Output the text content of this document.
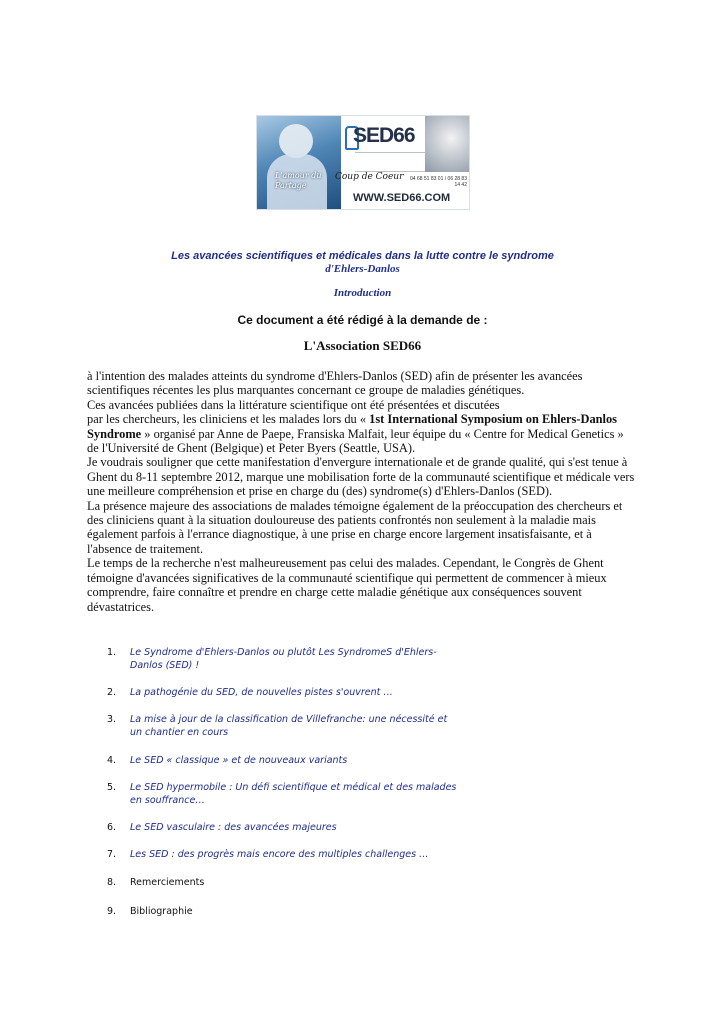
L'amour du Partage
SED66
Coup de Coeur	04 68 51 83 01 / 06 28 83 14 42
WWW.SED66.COM
Les avancées scientifiques et médicales dans la lutte contre le syndrome
d'Ehlers-Danlos
Introduction
Ce document a été rédigé à la demande de :
L'Association SED66

à l'intention des malades atteints du syndrome d'Ehlers-Danlos (SED) afin de présenter les avancées scientifiques récentes les plus marquantes concernant ce groupe de maladies génétiques.

Ces avancées publiées dans la littérature scientifique ont été présentées et discutées

par les chercheurs, les cliniciens et les malades lors du « 1st International Symposium on Ehlers-Danlos Syndrome » organisé par Anne de Paepe, Fransiska Malfait, leur équipe du « Centre for Medical Genetics » de l'Université de Ghent (Belgique) et Peter Byers (Seattle, USA).

Je voudrais souligner que cette manifestation d'envergure internationale et de grande qualité, qui s'est tenue à Ghent du 8-11 septembre 2012, marque une mobilisation forte de la communauté scientifique et médicale vers une meilleure compréhension et prise en charge du (des) syndrome(s) d'Ehlers-Danlos (SED).

La présence majeure des associations de malades témoigne également de la préoccupation des chercheurs et des cliniciens quant à la situation douloureuse des patients confrontés non seulement à la maladie mais également parfois à l'errance diagnostique, à une prise en charge encore largement insatisfaisante, et à l'absence de traitement.

Le temps de la recherche n'est malheureusement pas celui des malades. Cependant, le Congrès de Ghent témoigne d'avancées significatives de la communauté scientifique qui permettent de commencer à mieux comprendre, faire connaître et prendre en charge cette maladie génétique aux conséquences souvent dévastatrices.

1.	Le Syndrome d'Ehlers-Danlos ou plutôt Les SyndromeS d'Ehlers-Danlos (SED) !
2.	La pathogénie du SED, de nouvelles pistes s'ouvrent …
3.	La mise à jour de la classification de Villefranche: une nécessité et un chantier en cours
4.	Le SED « classique » et de nouveaux variants
5.	Le SED hypermobile : Un défi scientifique et médical et des malades en souffrance…
6.	Le SED vasculaire : des avancées majeures
7.	Les SED : des progrès mais encore des multiples challenges …
8.	Remerciements
9.	Bibliographie
